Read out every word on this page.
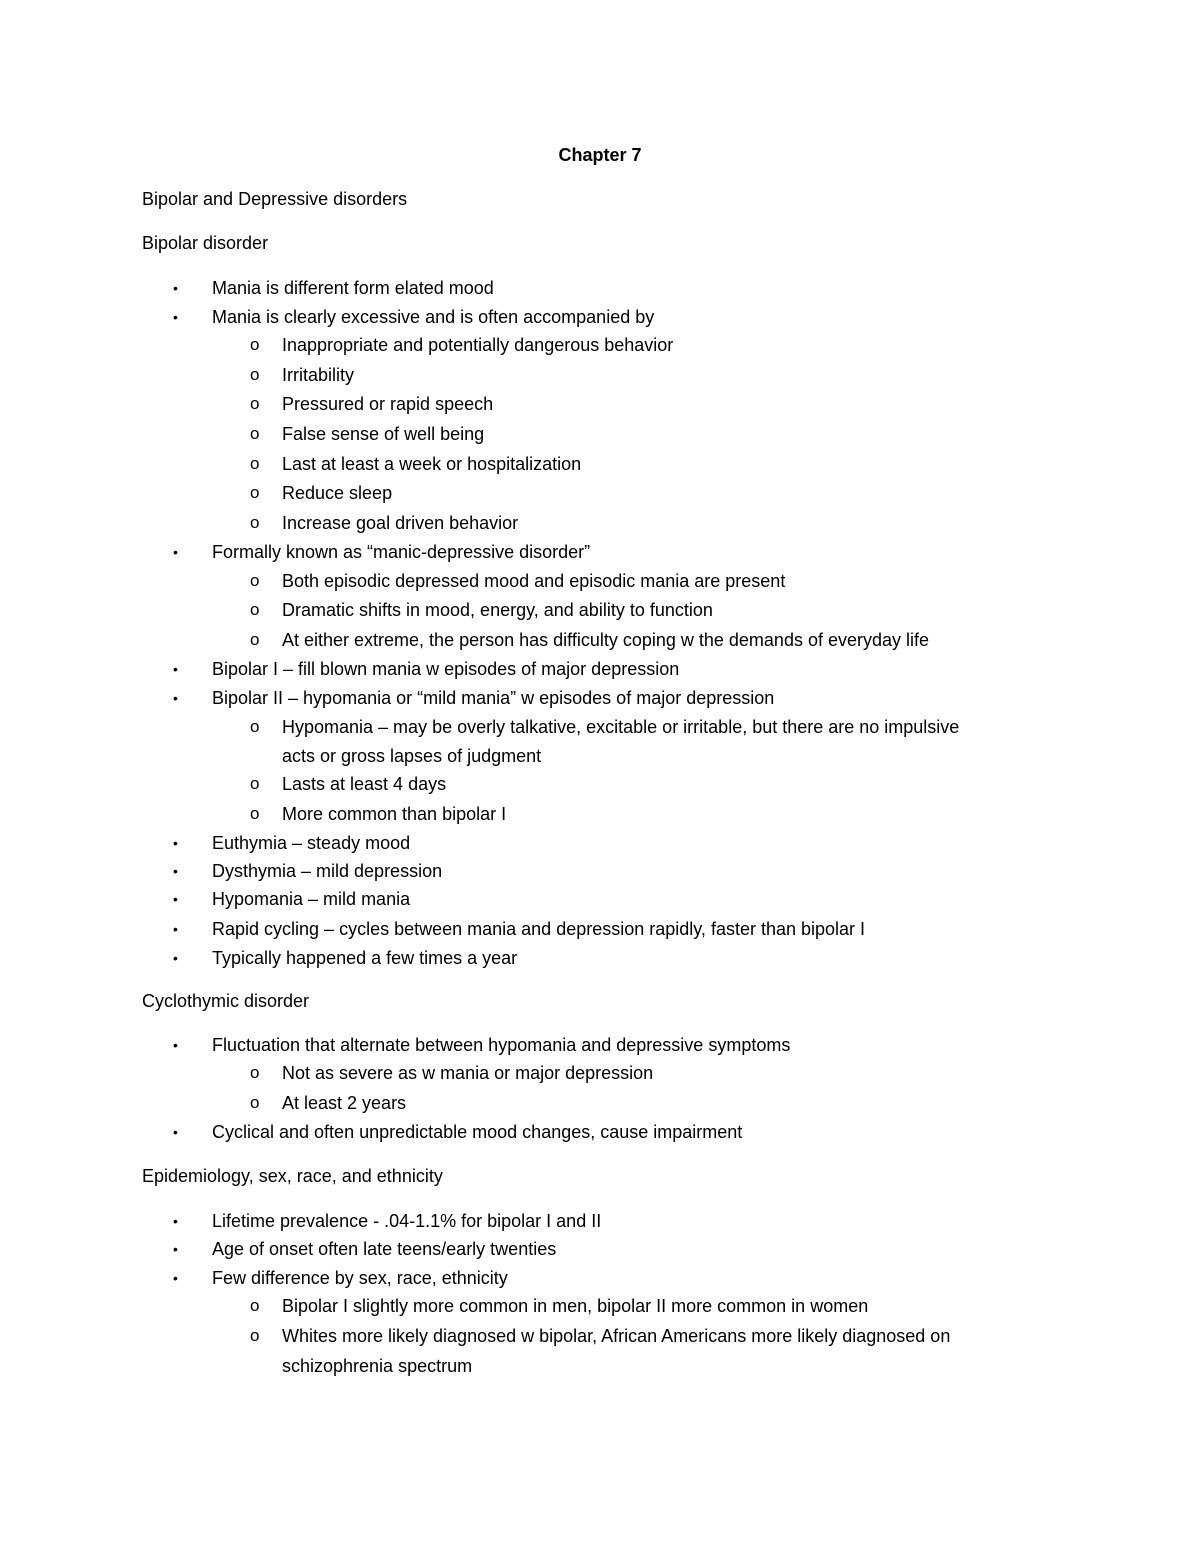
Chapter 7
Bipolar and Depressive disorders
Bipolar disorder
• Mania is different form elated mood
• Mania is clearly excessive and is often accompanied by
o Inappropriate and potentially dangerous behavior
o Irritability
o Pressured or rapid speech
o False sense of well being
o Last at least a week or hospitalization
o Reduce sleep
o Increase goal driven behavior
• Formally known as “manic-depressive disorder”
o Both episodic depressed mood and episodic mania are present
o Dramatic shifts in mood, energy, and ability to function
o At either extreme, the person has difficulty coping w the demands of everyday life
• Bipolar I – fill blown mania w episodes of major depression
• Bipolar II – hypomania or “mild mania” w episodes of major depression
o Hypomania – may be overly talkative, excitable or irritable, but there are no impulsive
acts or gross lapses of judgment
o Lasts at least 4 days
o More common than bipolar I
• Euthymia – steady mood
• Dysthymia – mild depression
• Hypomania – mild mania
• Rapid cycling – cycles between mania and depression rapidly, faster than bipolar I
• Typically happened a few times a year
Cyclothymic disorder
• Fluctuation that alternate between hypomania and depressive symptoms
o Not as severe as w mania or major depression
o At least 2 years
• Cyclical and often unpredictable mood changes, cause impairment
Epidemiology, sex, race, and ethnicity
• Lifetime prevalence - .04-1.1% for bipolar I and II
• Age of onset often late teens/early twenties
• Few difference by sex, race, ethnicity
o Bipolar I slightly more common in men, bipolar II more common in women
o Whites more likely diagnosed w bipolar, African Americans more likely diagnosed on
schizophrenia spectrum
